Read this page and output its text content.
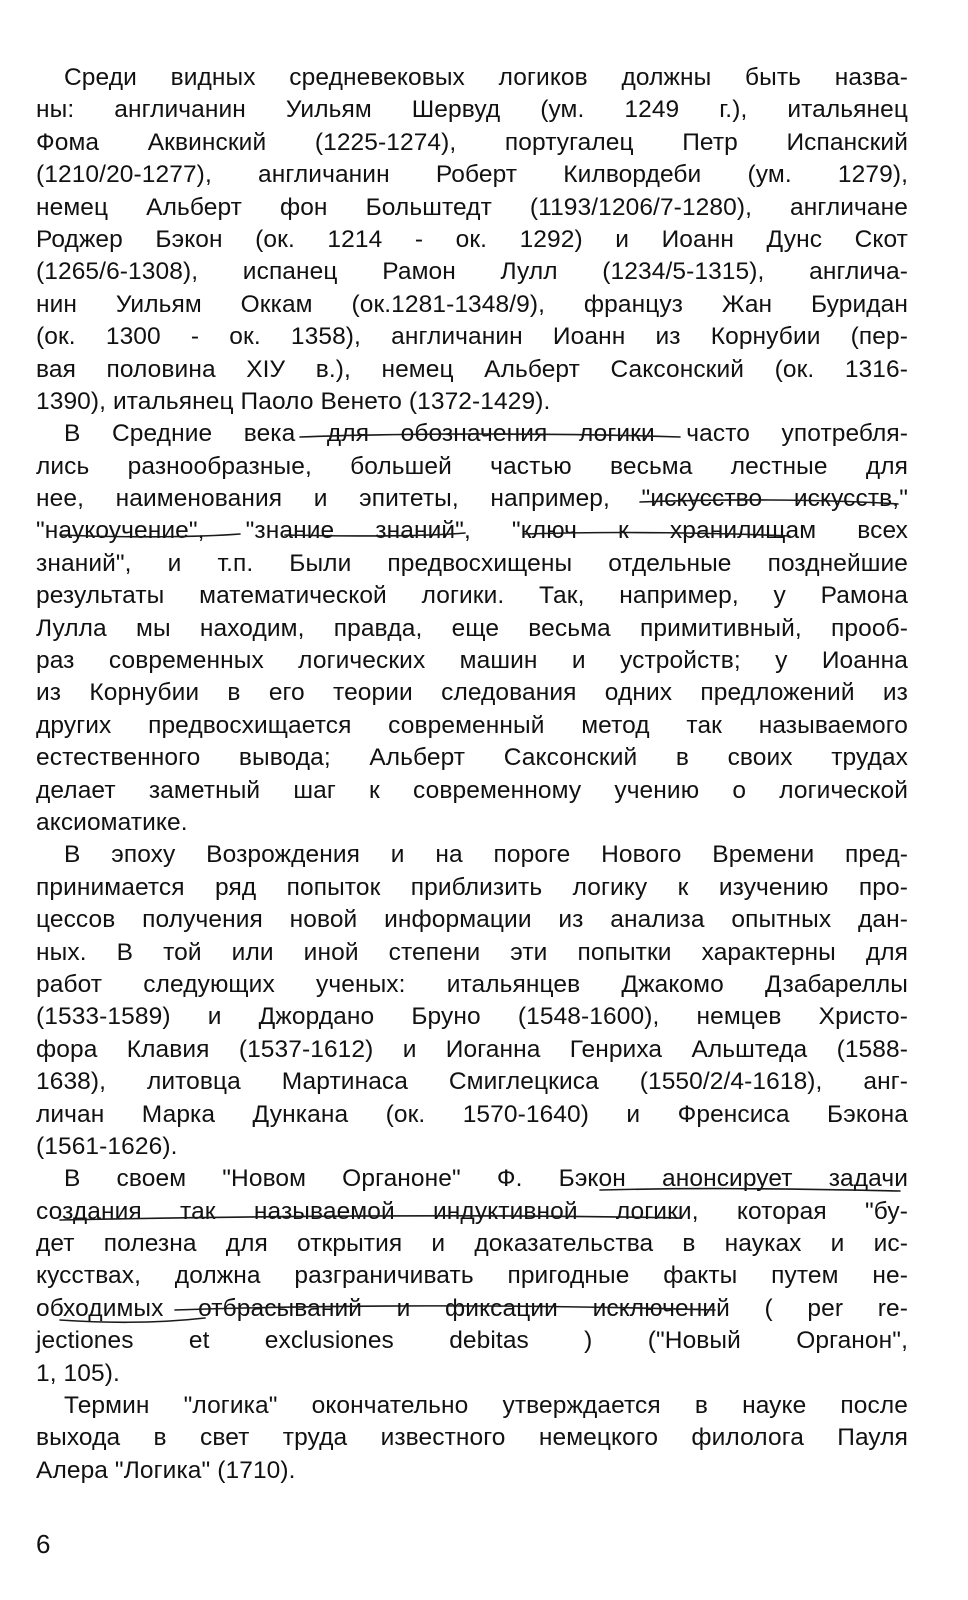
Среди видных средневековых логиков должны быть назва-
ны: англичанин Уильям Шервуд (ум. 1249 г.), итальянец
Фома Аквинский (1225-1274), португалец Петр Испанский
(1210/20-1277), англичанин Роберт Килвордеби (ум. 1279),
немец Альберт фон Больштедт (1193/1206/7-1280), англичане
Роджер Бэкон (ок. 1214 - ок. 1292) и Иоанн Дунс Скот
(1265/6-1308), испанец Рамон Лулл (1234/5-1315), англича-
нин Уильям Оккам (ок.1281-1348/9), француз Жан Буридан
(ок. 1300 - ок. 1358), англичанин Иоанн из Корнубии (пер-
вая половина XIУ в.), немец Альберт Саксонский (ок. 1316-
1390), итальянец Паоло Венето (1372-1429).
В Средние века для обозначения логики часто употребля-
лись разнообразные, большей частью весьма лестные для
нее, наименования и эпитеты, например, "искусство искусств,"
"наукоучение", "знание знаний", "ключ к хранилищам всех
знаний", и т.п. Были предвосхищены отдельные позднейшие
результаты математической логики. Так, например, у Рамона
Лулла мы находим, правда, еще весьма примитивный, прооб-
раз современных логических машин и устройств; у Иоанна
из Корнубии в его теории следования одних предложений из
других предвосхищается современный метод так называемого
естественного вывода; Альберт Саксонский в своих трудах
делает заметный шаг к современному учению о логической
аксиоматике.
В эпоху Возрождения и на пороге Нового Времени пред-
принимается ряд попыток приблизить логику к изучению про-
цессов получения новой информации из анализа опытных дан-
ных. В той или иной степени эти попытки характерны для
работ следующих ученых: итальянцев Джакомо Дзабареллы
(1533-1589) и Джордано Бруно (1548-1600), немцев Христо-
фора Клавия (1537-1612) и Иоганна Генриха Альштеда (1588-
1638), литовца Мартинаса Смиглецкиса (1550/2/4-1618), анг-
личан Марка Дункана (ок. 1570-1640) и Френсиса Бэкона
(1561-1626).
В своем "Новом Органоне" Ф. Бэкон анонсирует задачи
создания так называемой индуктивной логики, которая "бу-
дет полезна для открытия и доказательства в науках и ис-
кусствах, должна разграничивать пригодные факты путем не-
обходимых отбрасываний и фиксации исключений ( per re-
jectiones et exclusiones debitas ) ("Новый Органон",
1, 105).
Термин "логика" окончательно утверждается в науке после
выхода в свет труда известного немецкого филолога Пауля
Алера "Логика" (1710).
6
